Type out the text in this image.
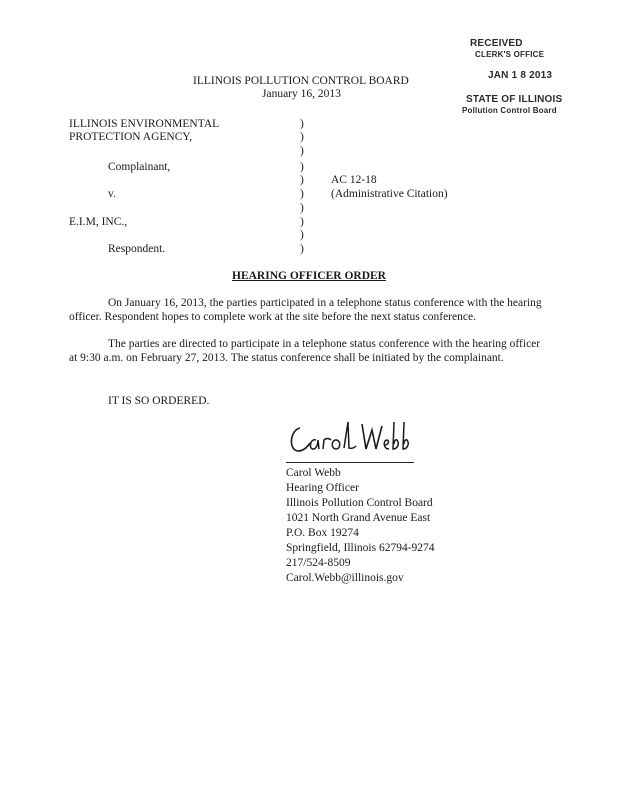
RECEIVED
CLERK'S OFFICE
JAN 1 8 2013
STATE OF ILLINOIS
Pollution Control Board
ILLINOIS POLLUTION CONTROL BOARD
January 16, 2013
ILLINOIS ENVIRONMENTAL
PROTECTION AGENCY,
Complainant,
v.
E.I.M, INC.,
Respondent.
)
)
)
)
)
)
)
)
)
)
AC 12-18
(Administrative Citation)
HEARING OFFICER ORDER
On January 16, 2013, the parties participated in a telephone status conference with the hearing officer. Respondent hopes to complete work at the site before the next status conference.
The parties are directed to participate in a telephone status conference with the hearing officer at 9:30 a.m. on February 27, 2013. The status conference shall be initiated by the complainant.
IT IS SO ORDERED.
Carol Webb
Hearing Officer
Illinois Pollution Control Board
1021 North Grand Avenue East
P.O. Box 19274
Springfield, Illinois 62794-9274
217/524-8509
Carol.Webb@illinois.gov
